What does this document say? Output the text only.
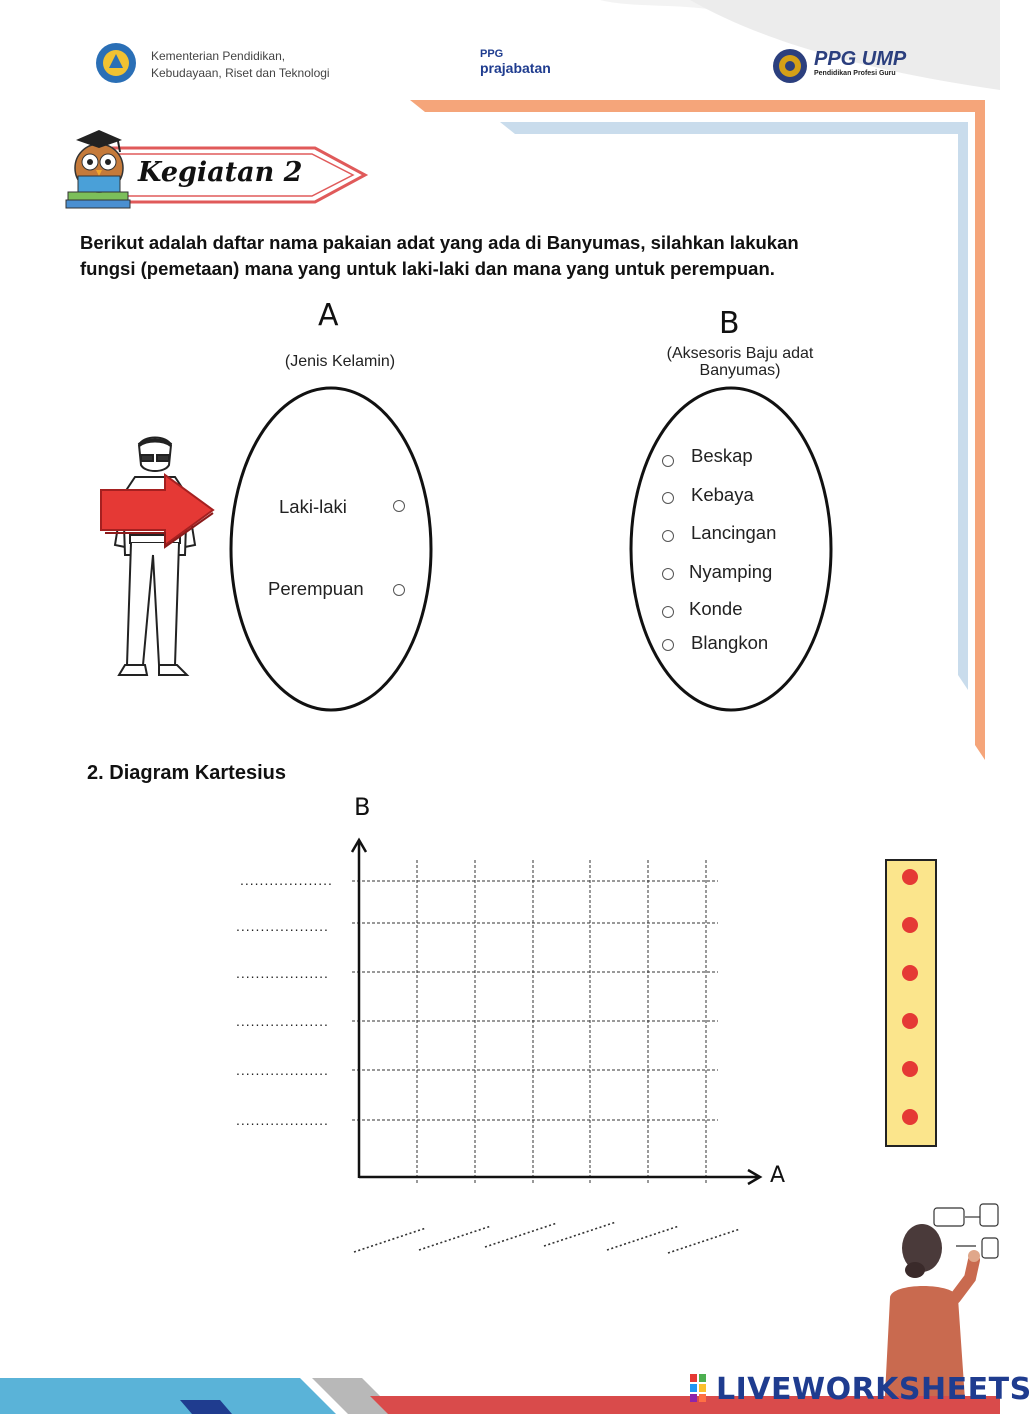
Kementerian Pendidikan,
Kebudayaan, Riset dan Teknologi
PPG
prajabatan	PPG UMP
Pendidikan Profesi Guru
Kegiatan 2
Berikut adalah daftar nama pakaian adat yang ada di Banyumas, silahkan lakukan
fungsi (pemetaan) mana yang untuk laki-laki dan mana yang untuk perempuan.
A
(Jenis Kelamin)
Laki-laki
Perempuan
B
(Aksesoris Baju adat
Banyumas)
Beskap
Kebaya
Lancingan
Nyamping
Konde
Blangkon
2. Diagram Kartesius
B
A
...................
...................
...................
...................
...................
...................
LIVEWORKSHEETS
